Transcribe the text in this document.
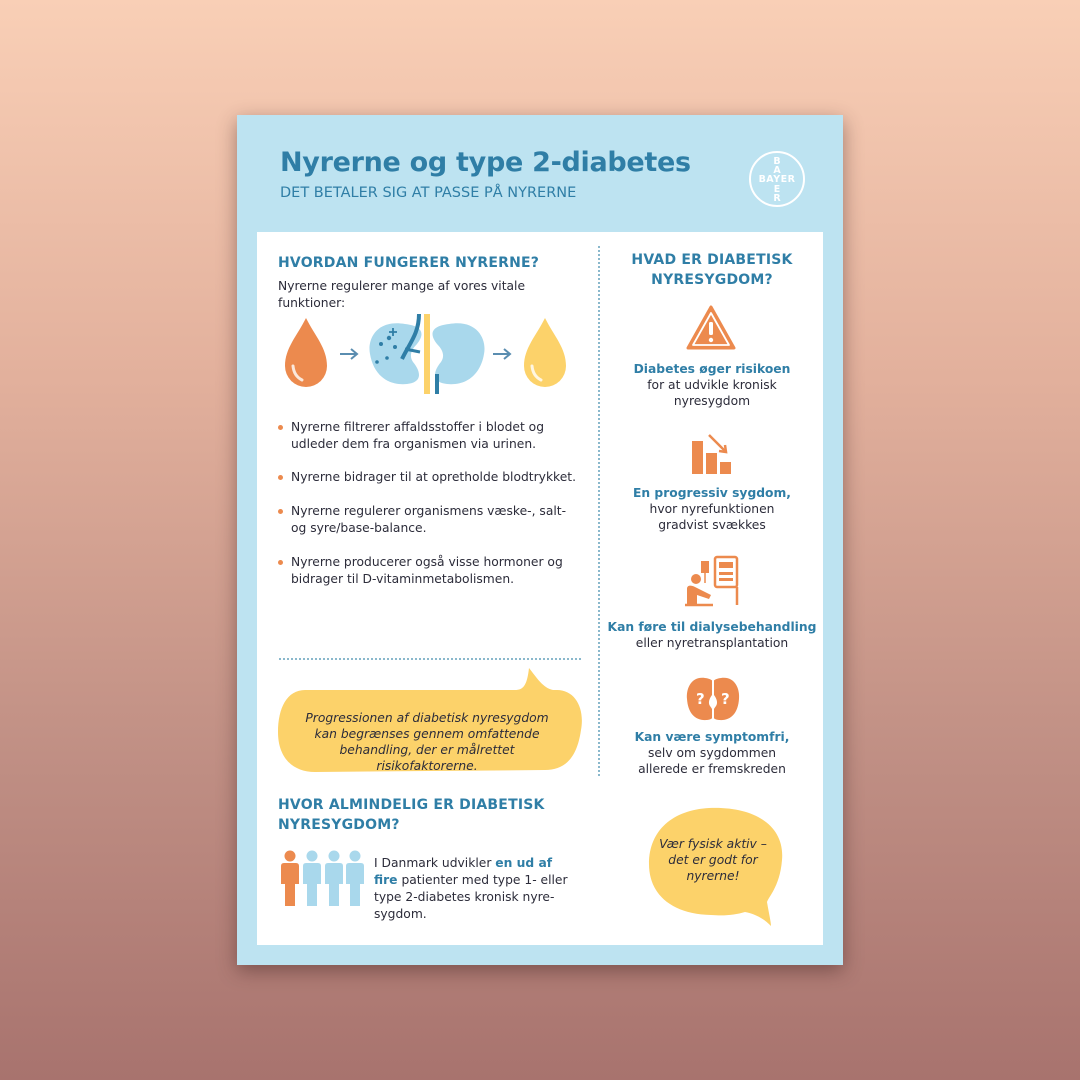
Nyrerne og type 2-diabetes
DET BETALER SIG AT PASSE PÅ NYRERNE
BAYER
B
A
E
R
HVORDAN FUNGERER NYRERNE?
Nyrerne regulerer mange af vores vitale funktioner:
Nyrerne filtrerer affaldsstoffer i blodet og udleder dem fra organismen via urinen.
Nyrerne bidrager til at opretholde blodtrykket.
Nyrerne regulerer organismens væske-, salt- og syre/base-balance.
Nyrerne producerer også visse hormoner og bidrager til D-vitaminmetabolismen.
Progressionen af diabetisk nyresygdom kan begrænses gennem omfattende behandling, der er målrettet risikofaktorerne.
HVAD ER DIABETISK NYRESYGDOM?
Diabetes øger risikoen
for at udvikle kronisk nyresygdom
En progressiv sygdom,
hvor nyrefunktionen gradvist svækkes
Kan føre til dialysebehandling
eller nyretransplantation
? ?
Kan være symptomfri,
selv om sygdommen allerede er fremskreden
HVOR ALMINDELIG ER DIABETISK NYRESYGDOM?
I Danmark udvikler en ud af fire patienter med type 1- eller type 2-diabetes kronisk nyre-sygdom.
Vær fysisk aktiv – det er godt for nyrerne!
